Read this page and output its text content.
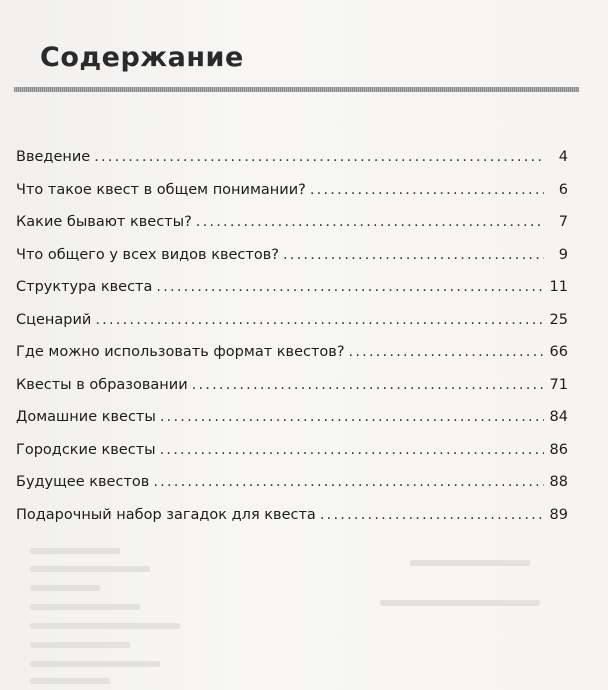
Содержание
Введение . . .	4
Что такое квест в общем понимании? . . .	6
Какие бывают квесты? . . .	7
Что общего у всех видов квестов? . . .	9
Структура квеста . . .	11
Сценарий . . .	25
Где можно использовать формат квестов? . . .	66
Квесты в образовании . . .	71
Домашние квесты . . .	84
Городские квесты . . .	86
Будущее квестов . . .	88
Подарочный набор загадок для квеста . . .	89
